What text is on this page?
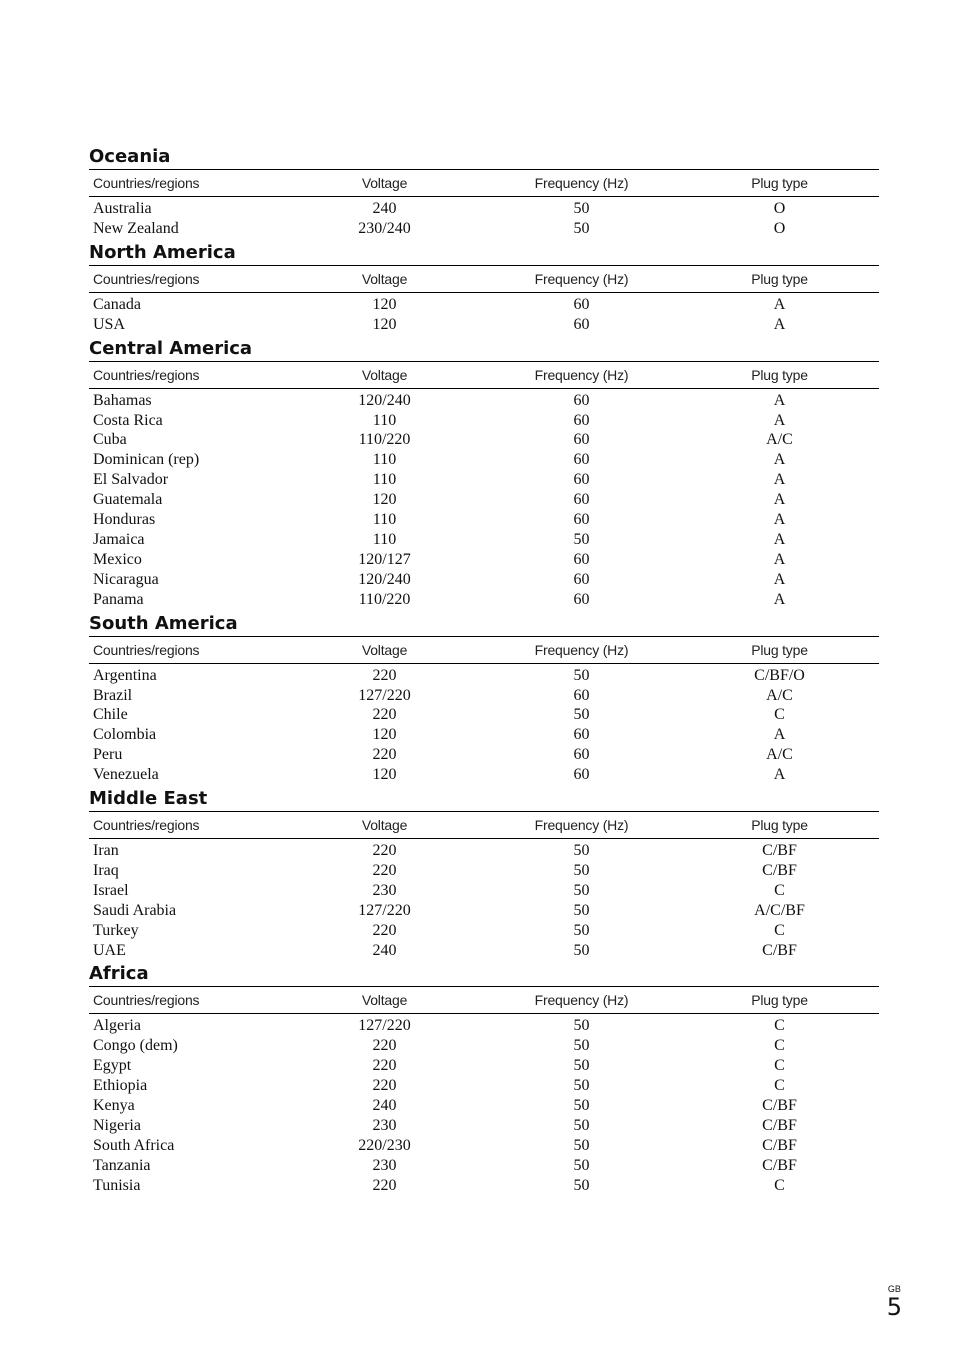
Oceania
Countries/regions	Voltage	Frequency (Hz)	Plug type
Australia	240	50	O
New Zealand	230/240	50	O
North America
Countries/regions	Voltage	Frequency (Hz)	Plug type
Canada	120	60	A
USA	120	60	A
Central America
Countries/regions	Voltage	Frequency (Hz)	Plug type
Bahamas	120/240	60	A
Costa Rica	110	60	A
Cuba	110/220	60	A/C
Dominican (rep)	110	60	A
El Salvador	110	60	A
Guatemala	120	60	A
Honduras	110	60	A
Jamaica	110	50	A
Mexico	120/127	60	A
Nicaragua	120/240	60	A
Panama	110/220	60	A
South America
Countries/regions	Voltage	Frequency (Hz)	Plug type
Argentina	220	50	C/BF/O
Brazil	127/220	60	A/C
Chile	220	50	C
Colombia	120	60	A
Peru	220	60	A/C
Venezuela	120	60	A
Middle East
Countries/regions	Voltage	Frequency (Hz)	Plug type
Iran	220	50	C/BF
Iraq	220	50	C/BF
Israel	230	50	C
Saudi Arabia	127/220	50	A/C/BF
Turkey	220	50	C
UAE	240	50	C/BF
Africa
Countries/regions	Voltage	Frequency (Hz)	Plug type
Algeria	127/220	50	C
Congo (dem)	220	50	C
Egypt	220	50	C
Ethiopia	220	50	C
Kenya	240	50	C/BF
Nigeria	230	50	C/BF
South Africa	220/230	50	C/BF
Tanzania	230	50	C/BF
Tunisia	220	50	C
GB
5
